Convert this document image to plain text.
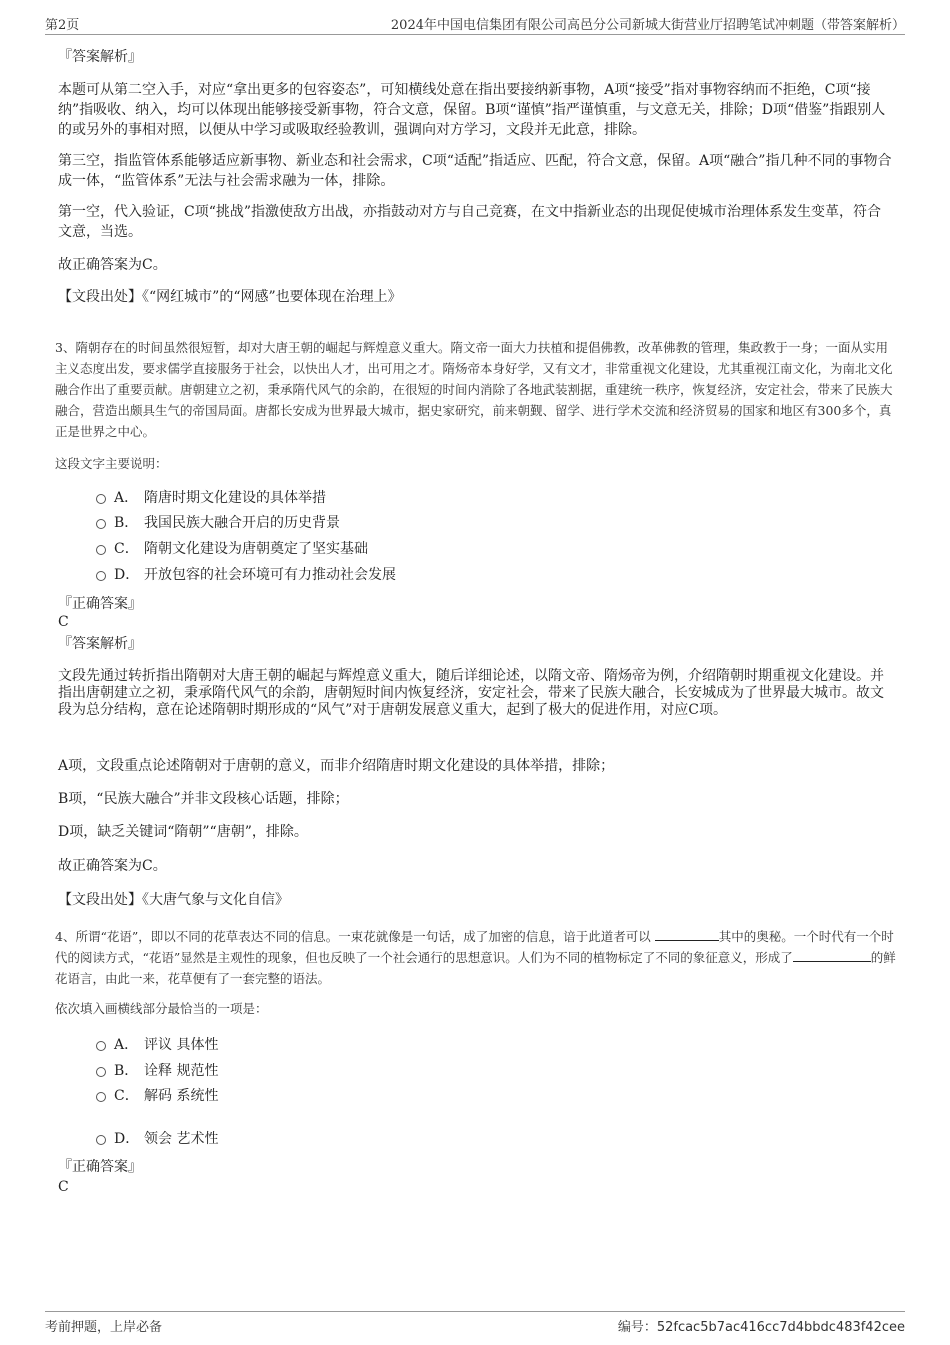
第2页	2024年中国电信集团有限公司高邑分公司新城大街营业厅招聘笔试冲刺题（带答案解析）
『答案解析』
本题可从第二空入手，对应“拿出更多的包容姿态”，可知横线处意在指出要接纳新事物，A项“接受”指对事物容纳而不拒绝，C项“接纳”指吸收、纳入，均可以体现出能够接受新事物，符合文意，保留。B项“谨慎”指严谨慎重，与文意无关，排除；D项“借鉴”指跟别人的或另外的事相对照，以便从中学习或吸取经验教训，强调向对方学习，文段并无此意，排除。
第三空，指监管体系能够适应新事物、新业态和社会需求，C项“适配”指适应、匹配，符合文意，保留。A项“融合”指几种不同的事物合成一体，“监管体系”无法与社会需求融为一体，排除。
第一空，代入验证，C项“挑战”指激使敌方出战，亦指鼓动对方与自己竞赛，在文中指新业态的出现促使城市治理体系发生变革，符合文意，当选。
故正确答案为C。
【文段出处】《“网红城市”的“网感”也要体现在治理上》
3、隋朝存在的时间虽然很短暂，却对大唐王朝的崛起与辉煌意义重大。隋文帝一面大力扶植和提倡佛教，改革佛教的管理，集政教于一身；一面从实用主义态度出发，要求儒学直接服务于社会，以快出人才，出可用之才。隋炀帝本身好学，又有文才，非常重视文化建设，尤其重视江南文化，为南北文化融合作出了重要贡献。唐朝建立之初，秉承隋代风气的余韵，在很短的时间内消除了各地武装割据，重建统一秩序，恢复经济，安定社会，带来了民族大融合，营造出颇具生气的帝国局面。唐都长安成为世界最大城市，据史家研究，前来朝觐、留学、进行学术交流和经济贸易的国家和地区有300多个，真正是世界之中心。
这段文字主要说明：
A． 隋唐时期文化建设的具体举措
B． 我国民族大融合开启的历史背景
C． 隋朝文化建设为唐朝奠定了坚实基础
D． 开放包容的社会环境可有力推动社会发展
『正确答案』
C
『答案解析』
文段先通过转折指出隋朝对大唐王朝的崛起与辉煌意义重大，随后详细论述，以隋文帝、隋炀帝为例，介绍隋朝时期重视文化建设。并指出唐朝建立之初，秉承隋代风气的余韵，唐朝短时间内恢复经济，安定社会，带来了民族大融合，长安城成为了世界最大城市。故文段为总分结构，意在论述隋朝时期形成的“风气”对于唐朝发展意义重大，起到了极大的促进作用，对应C项。
A项，文段重点论述隋朝对于唐朝的意义，而非介绍隋唐时期文化建设的具体举措，排除；
B项，“民族大融合”并非文段核心话题，排除；
D项，缺乏关键词“隋朝”“唐朝”，排除。
故正确答案为C。
【文段出处】《大唐气象与文化自信》
4、所谓“花语”，即以不同的花草表达不同的信息。一束花就像是一句话，成了加密的信息，谙于此道者可以	其中的奥秘。一个时代有一个时代的阅读方式，“花语”显然是主观性的现象，但也反映了一个社会通行的思想意识。人们为不同的植物标定了不同的象征意义，形成了	的鲜花语言，由此一来，花草便有了一套完整的语法。
依次填入画横线部分最恰当的一项是：
A． 评议 具体性
B． 诠释 规范性
C． 解码 系统性
D． 领会 艺术性
『正确答案』
C
考前押题，上岸必备	编号：52fcac5b7ac416cc7d4bbdc483f42cee
